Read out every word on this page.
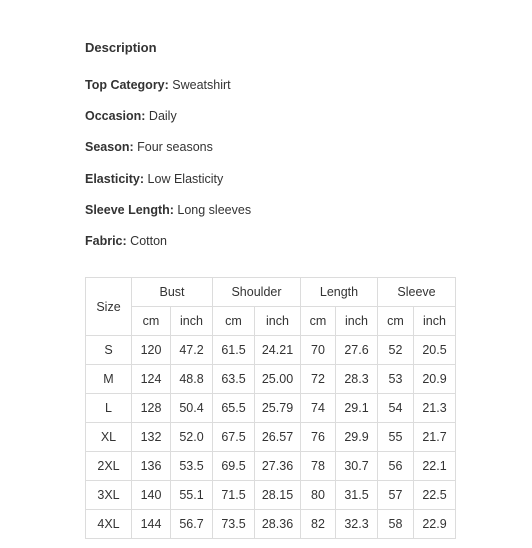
Description
Top Category: Sweatshirt
Occasion: Daily
Season: Four seasons
Elasticity: Low Elasticity
Sleeve Length: Long sleeves
Fabric: Cotton
Size	Bust		Shoulder		Length		Sleeve	
	cm	inch	cm	inch	cm	inch	cm	inch
S	120	47.2	61.5	24.21	70	27.6	52	20.5
M	124	48.8	63.5	25.00	72	28.3	53	20.9
L	128	50.4	65.5	25.79	74	29.1	54	21.3
XL	132	52.0	67.5	26.57	76	29.9	55	21.7
2XL	136	53.5	69.5	27.36	78	30.7	56	22.1
3XL	140	55.1	71.5	28.15	80	31.5	57	22.5
4XL	144	56.7	73.5	28.36	82	32.3	58	22.9
